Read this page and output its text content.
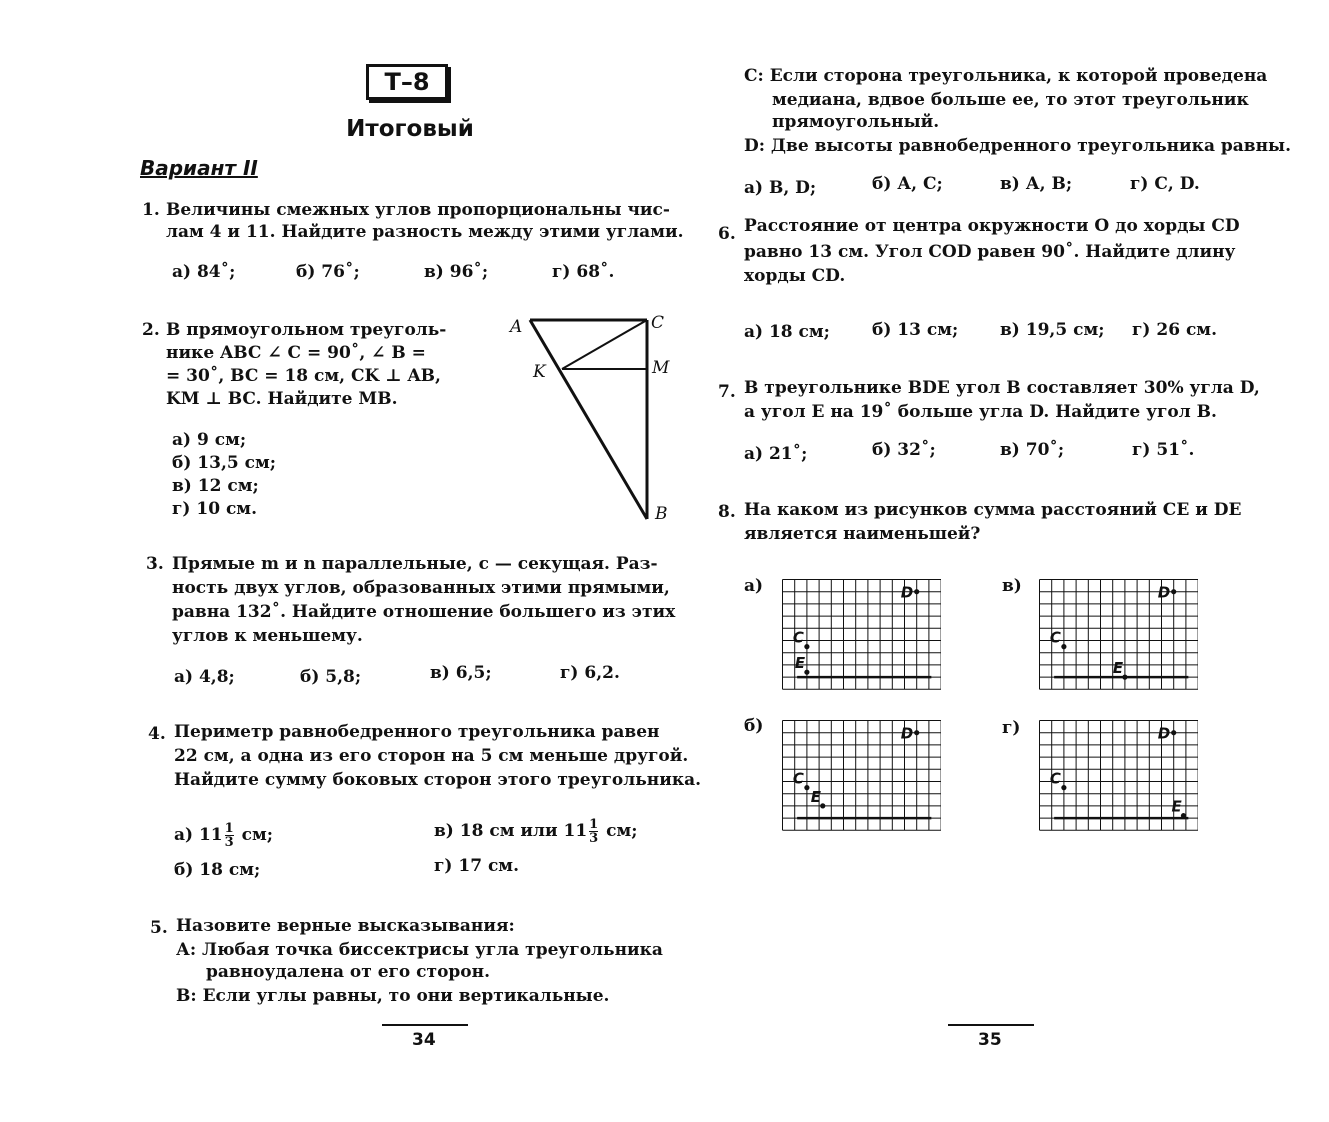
Т–8
Итоговый
Вариант II
1. Величины смежных углов пропорциональны чис-
лам 4 и 11. Найдите разность между этими углами.
а) 84˚;	б) 76˚;	в) 96˚;	г) 68˚.
2. В прямоугольном треуголь-
нике ABC ∠ C = 90˚, ∠ B =
= 30˚, BC = 18 см, CK ⊥ AB,
KM ⊥ BC. Найдите MB.
а) 9 см;
б) 13,5 см;
в) 12 см;
г) 10 см.
A	C
K	M
B
3. Прямые m и n параллельные, c — секущая. Раз-
ность двух углов, образованных этими прямыми,
равна 132˚. Найдите отношение большего из этих
углов к меньшему.
а) 4,8;	б) 5,8;	в) 6,5;	г) 6,2.
4. Периметр равнобедренного треугольника равен
22 см, а одна из его сторон на 5 см меньше другой.
Найдите сумму боковых сторон этого треугольника.
а) $11 \frac{1}{3}$ см;	в) 18 см или $11 \frac{1}{3}$ см;
б) 18 см;	г) 17 см.
5. Назовите верные высказывания:
А: Любая точка биссектрисы угла треугольника
равноудалена от его сторон.
В: Если углы равны, то они вертикальные.
34
С: Если сторона треугольника, к которой проведена
медиана, вдвое больше ее, то этот треугольник
прямоугольный.
D: Две высоты равнобедренного треугольника равны.
а) В, D;	б) А, С;	в) А, В;	г) С, D.
6. Расстояние от центра окружности O до хорды CD
равно 13 см. Угол COD равен 90˚. Найдите длину
хорды CD.
а) 18 см; б) 13 см; в) 19,5 см; г) 26 см.
7. В треугольнике BDE угол B составляет 30% угла D,
а угол E на 19˚ больше угла D. Найдите угол B.
а) 21˚;	б) 32˚;	в) 70˚;	г) 51˚.
8. На каком из рисунков сумма расстояний CE и DE
является наименьшей?
а)	в)
б)	г)
C
D
E
C
D
E
C
D
E
C
D
E
35
